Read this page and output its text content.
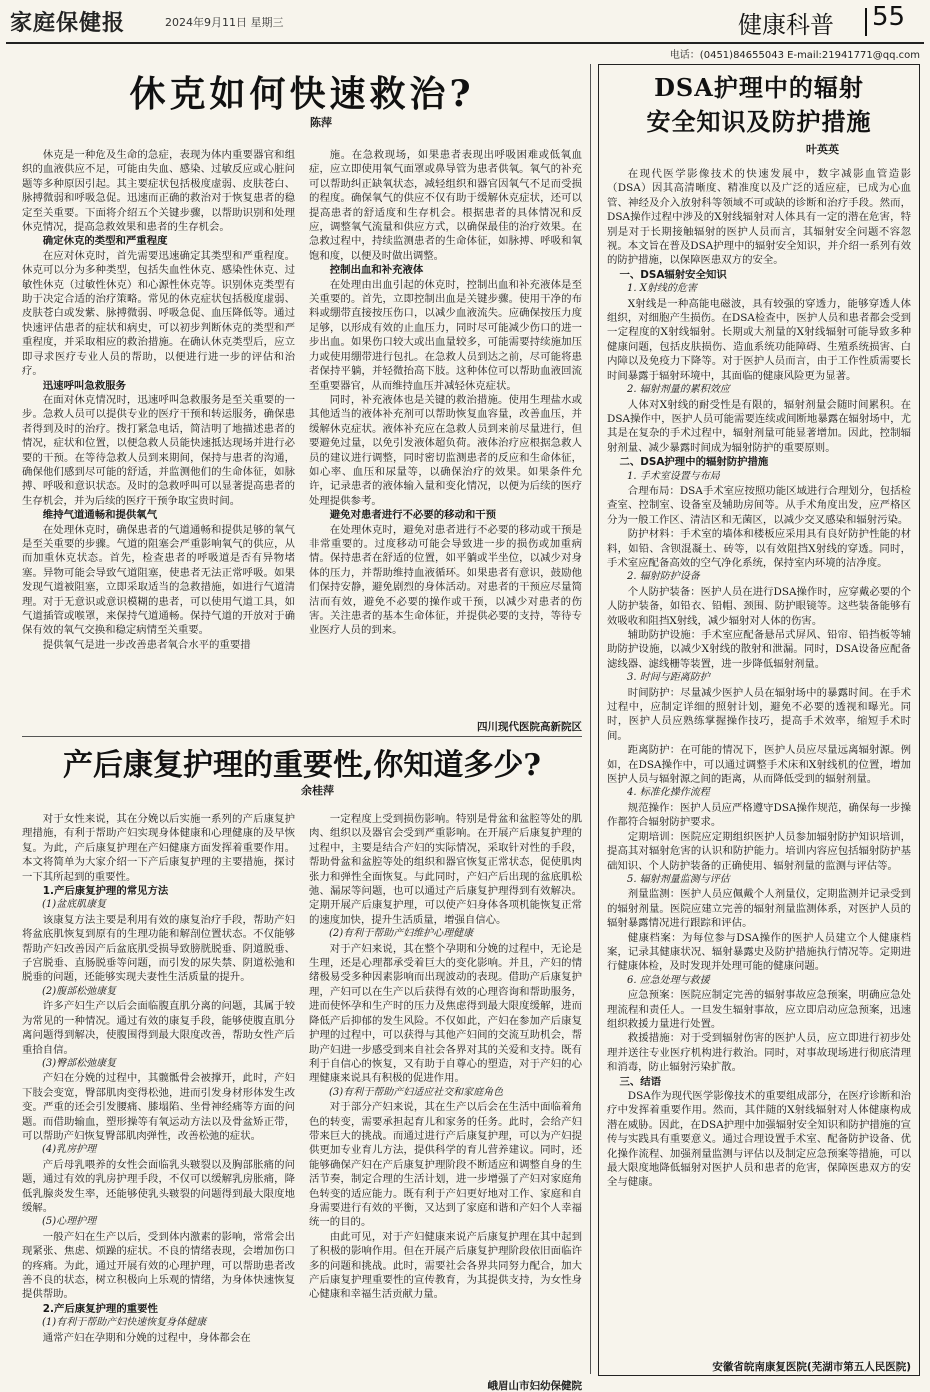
家庭保健报	2024年9月11日 星期三	健康科普 55
电话：(0451)84655043 E-mail:21941771@qq.com
休克如何快速救治?
陈萍

休克是一种危及生命的急症，表现为体内重要器官和组织的血液供应不足，可能由失血、感染、过敏反应或心脏问题等多种原因引起。其主要症状包括极度虚弱、皮肤苍白、脉搏微弱和呼吸急促。迅速而正确的救治对于恢复患者的稳定至关重要。下面将介绍五个关键步骤，以帮助识别和处理休克情况，提高急救效果和患者的生存机会。

确定休克的类型和严重程度

在应对休克时，首先需要迅速确定其类型和严重程度。休克可以分为多种类型，包括失血性休克、感染性休克、过敏性休克（过敏性休克）和心源性休克等。识别休克类型有助于决定合适的治疗策略。常见的休克症状包括极度虚弱、皮肤苍白或发紫、脉搏微弱、呼吸急促、血压降低等。通过快速评估患者的症状和病史，可以初步判断休克的类型和严重程度，并采取相应的救治措施。在确认休克类型后，应立即寻求医疗专业人员的帮助，以便进行进一步的评估和治疗。

迅速呼叫急救服务

在面对休克情况时，迅速呼叫急救服务是至关重要的一步。急救人员可以提供专业的医疗干预和转运服务，确保患者得到及时的治疗。拨打紧急电话，简洁明了地描述患者的情况，症状和位置，以便急救人员能快速抵达现场并进行必要的干预。在等待急救人员到来期间，保持与患者的沟通，确保他们感到尽可能的舒适，并监测他们的生命体征，如脉搏、呼吸和意识状态。及时的急救呼叫可以显著提高患者的生存机会，并为后续的医疗干预争取宝贵时间。

维持气道通畅和提供氧气

在处理休克时，确保患者的气道通畅和提供足够的氧气是至关重要的步骤。气道的阻塞会严重影响氧气的供应，从而加重休克状态。首先，检查患者的呼吸道是否有异物堵塞。异物可能会导致气道阻塞，使患者无法正常呼吸。如果发现气道被阻塞，立即采取适当的急救措施，如进行气道清理。对于无意识或意识模糊的患者，可以使用气道工具，如气道插管或喉罩，来保持气道通畅。保持气道的开放对于确保有效的氧气交换和稳定病情至关重要。

提供氧气是进一步改善患者氧合水平的重要措

施。在急救现场，如果患者表现出呼吸困难或低氧血症，应立即使用氧气面罩或鼻导管为患者供氧。氧气的补充可以帮助纠正缺氧状态，减轻组织和器官因氧气不足而受损的程度。确保氧气的供应不仅有助于缓解休克症状，还可以提高患者的舒适度和生存机会。根据患者的具体情况和反应，调整氧气流量和供应方式，以确保最佳的治疗效果。在急救过程中，持续监测患者的生命体征，如脉搏、呼吸和氧饱和度，以便及时做出调整。

控制出血和补充液体

在处理由出血引起的休克时，控制出血和补充液体是至关重要的。首先，立即控制出血是关键步骤。使用干净的布料或绷带直接按压伤口，以减少血液流失。应确保按压力度足够，以形成有效的止血压力，同时尽可能减少伤口的进一步出血。如果伤口较大或出血量较多，可能需要持续施加压力或使用绷带进行包扎。在急救人员到达之前，尽可能将患者保持平躺，并轻微抬高下肢。这种体位可以帮助血液回流至重要器官，从而维持血压并减轻休克症状。

同时，补充液体也是关键的救治措施。使用生理盐水或其他适当的液体补充剂可以帮助恢复血容量，改善血压，并缓解休克症状。液体补充应在急救人员到来前尽量进行，但要避免过量，以免引发液体超负荷。液体治疗应根据急救人员的建议进行调整，同时密切监测患者的反应和生命体征，如心率、血压和尿量等，以确保治疗的效果。如果条件允许，记录患者的液体输入量和变化情况，以便为后续的医疗处理提供参考。

避免对患者进行不必要的移动和干预

在处理休克时，避免对患者进行不必要的移动或干预是非常重要的。过度移动可能会导致进一步的损伤或加重病情。保持患者在舒适的位置，如平躺或半坐位，以减少对身体的压力，并帮助维持血液循环。如果患者有意识，鼓励他们保持安静，避免剧烈的身体活动。对患者的干预应尽量简洁而有效，避免不必要的操作或干预，以减少对患者的伤害。关注患者的基本生命体征，并提供必要的支持，等待专业医疗人员的到来。

四川现代医院高新院区
产后康复护理的重要性,你知道多少?
余桂萍

对于女性来说，其在分娩以后实施一系列的产后康复护理措施，有利于帮助产妇实现身体健康和心理健康的及早恢复。为此，产后康复护理在产妇健康方面发挥着重要作用。本文将简单为大家介绍一下产后康复护理的主要措施，探讨一下其所起到的重要性。

1.产后康复护理的常见方法
(1)盆底肌康复

该康复方法主要是利用有效的康复治疗手段，帮助产妇将盆底肌恢复到原有的生理功能和解剖位置状态。不仅能够帮助产妇改善因产后盆底肌受损导致膀胱脱垂、阴道脱垂、子宫脱垂、直肠脱垂等问题，而引发的尿失禁、阴道松弛和脱垂的问题，还能够实现夫妻性生活质量的提升。

(2)腹部松弛康复

许多产妇生产以后会面临腹直肌分离的问题，其属于较为常见的一种情况。通过有效的康复手段，能够使腹直肌分离问题得到解决，使腹围得到最大限度改善，帮助女性产后重拾自信。

(3)臀部松弛康复

产妇在分娩的过程中，其髋骶骨会被撑开，此时，产妇下肢会变宽，臀部肌肉变得松弛，进而引发身材形体发生改变。严重的还会引发腰痛、膝塌陷、坐骨神经痛等方面的问题。而借助输血，塑形操等有氧运动方法以及骨盆矫正带，可以帮助产妇恢复臀部肌肉弹性，改善松弛的症状。

(4)乳房护理

产后母乳喂养的女性会面临乳头皲裂以及胸部胀痛的问题，通过有效的乳房护理手段，不仅可以缓解乳房胀痛，降低乳腺炎发生率，还能够使乳头皲裂的问题得到最大限度地缓解。

(5)心理护理

一般产妇在生产以后，受到体内激素的影响，常常会出现紧张、焦虑、烦躁的症状。不良的情绪表现，会增加伤口的疼痛。为此，通过开展有效的心理护理，可以帮助患者改善不良的状态，树立积极向上乐观的情绪，为身体快速恢复提供帮助。

2.产后康复护理的重要性
(1)有利于帮助产妇快速恢复身体健康

通常产妇在孕期和分娩的过程中，身体都会在

一定程度上受到损伤影响。特别是骨盆和盆腔等处的肌肉、组织以及器官会受到严重影响。在开展产后康复护理的过程中，主要是结合产妇的实际情况，采取针对性的手段，帮助骨盆和盆腔等处的组织和器官恢复正常状态，促使肌肉张力和弹性全面恢复。与此同时，产妇产后出现的盆底肌松弛、漏尿等问题，也可以通过产后康复护理得到有效解决。定期开展产后康复护理，可以使产妇身体各项机能恢复正常的速度加快，提升生活质量，增强自信心。

(2)有利于帮助产妇维护心理健康

对于产妇来说，其在整个孕期和分娩的过程中，无论是生理，还是心理都承受着巨大的变化影响。并且，产妇的情绪极易受多种因素影响而出现波动的表现。借助产后康复护理，产妇可以在生产以后获得有效的心理咨询和帮助服务，进而使怀孕和生产时的压力及焦虑得到最大限度缓解，进而降低产后抑郁的发生风险。不仅如此，产妇在参加产后康复护理的过程中，可以获得与其他产妇间的交流互助机会，帮助产妇进一步感受到来自社会各界对其的关爱和支持。既有利于自信心的恢复，又有助于自尊心的塑造，对于产妇的心理健康来说具有积极的促进作用。

(3)有利于帮助产妇适应社交和家庭角色

对于部分产妇来说，其在生产以后会在生活中面临着角色的转变，需要承担起育儿和家务的任务。此时，会给产妇带来巨大的挑战。而通过进行产后康复护理，可以为产妇提供更加专业育儿方法，提供科学的育儿营养建议。同时，还能够确保产妇在产后康复护理阶段不断适应和调整自身的生活节奏，制定合理的生活计划，进一步增强了产妇对家庭角色转变的适应能力。既有利于产妇更好地对工作、家庭和自身需要进行有效的平衡，又达到了家庭和谐和产妇个人幸福统一的目的。

由此可见，对于产妇健康来说产后康复护理在其中起到了积极的影响作用。但在开展产后康复护理阶段依旧面临许多的问题和挑战。此时，需要社会各界共同努力配合，加大产后康复护理重要性的宣传教育，为其提供支持，为女性身心健康和幸福生活贡献力量。

峨眉山市妇幼保健院
DSA护理中的辐射
安全知识及防护措施
叶英英

在现代医学影像技术的快速发展中，数字减影血管造影（DSA）因其高清晰度、精准度以及广泛的适应症，已成为心血管、神经及介入放射科等领域不可或缺的诊断和治疗手段。然而，DSA操作过程中涉及的X射线辐射对人体具有一定的潜在危害，特别是对于长期接触辐射的医护人员而言，其辐射安全问题不容忽视。本文旨在普及DSA护理中的辐射安全知识，并介绍一系列有效的防护措施，以保障医患双方的安全。

一、DSA辐射安全知识
1. X射线的危害

X射线是一种高能电磁波，具有较强的穿透力，能够穿透人体组织，对细胞产生损伤。在DSA检查中，医护人员和患者都会受到一定程度的X射线辐射。长期或大剂量的X射线辐射可能导致多种健康问题，包括皮肤损伤、造血系统功能障碍、生殖系统损害、白内障以及免疫力下降等。对于医护人员而言，由于工作性质需要长时间暴露于辐射环境中，其面临的健康风险更为显著。

2. 辐射剂量的累积效应

人体对X射线的耐受性是有限的，辐射剂量会随时间累积。在DSA操作中，医护人员可能需要连续或间断地暴露在辐射场中，尤其是在复杂的手术过程中，辐射剂量可能显著增加。因此，控制辐射剂量、减少暴露时间成为辐射防护的重要原则。

二、DSA护理中的辐射防护措施
1. 手术室设置与布局

合理布局：DSA手术室应按照功能区域进行合理划分，包括检查室、控制室、设备室及辅助房间等。从手术角度出发，应严格区分为一般工作区、清洁区和无菌区，以减少交叉感染和辐射污染。

防护材料：手术室的墙体和楼板应采用具有良好防护性能的材料，如铅、含钡混凝土、砖等，以有效阻挡X射线的穿透。同时，手术室应配备高效的空气净化系统，保持室内环境的洁净度。

2. 辐射防护设备

个人防护装备：医护人员在进行DSA操作时，应穿戴必要的个人防护装备，如铅衣、铅帽、颈围、防护眼镜等。这些装备能够有效吸收和阻挡X射线，减少辐射对人体的伤害。

辅助防护设施：手术室应配备悬吊式屏风、铅帘、铅挡板等辅助防护设施，以减少X射线的散射和泄漏。同时，DSA设备应配备滤线器、滤线栅等装置，进一步降低辐射剂量。

3. 时间与距离防护

时间防护：尽量减少医护人员在辐射场中的暴露时间。在手术过程中，应制定详细的照射计划，避免不必要的透视和曝光。同时，医护人员应熟练掌握操作技巧，提高手术效率，缩短手术时间。

距离防护：在可能的情况下，医护人员应尽量远离辐射源。例如，在DSA操作中，可以通过调整手术床和X射线机的位置，增加医护人员与辐射源之间的距离，从而降低受到的辐射剂量。

4. 标准化操作流程

规范操作：医护人员应严格遵守DSA操作规范，确保每一步操作都符合辐射防护要求。

定期培训：医院应定期组织医护人员参加辐射防护知识培训，提高其对辐射危害的认识和防护能力。培训内容应包括辐射防护基础知识、个人防护装备的正确使用、辐射剂量的监测与评估等。

5. 辐射剂量监测与评估

剂量监测：医护人员应佩戴个人剂量仪，定期监测并记录受到的辐射剂量。医院应建立完善的辐射剂量监测体系，对医护人员的辐射暴露情况进行跟踪和评估。

健康档案：为每位参与DSA操作的医护人员建立个人健康档案，记录其健康状况、辐射暴露史及防护措施执行情况等。定期进行健康体检，及时发现并处理可能的健康问题。

6. 应急处理与救援

应急预案：医院应制定完善的辐射事故应急预案，明确应急处理流程和责任人。一旦发生辐射事故，应立即启动应急预案，迅速组织救援力量进行处置。

救援措施：对于受到辐射伤害的医护人员，应立即进行初步处理并送往专业医疗机构进行救治。同时，对事故现场进行彻底清理和消毒，防止辐射污染扩散。

三、结语

DSA作为现代医学影像技术的重要组成部分，在医疗诊断和治疗中发挥着重要作用。然而，其伴随的X射线辐射对人体健康构成潜在威胁。因此，在DSA护理中加强辐射安全知识和防护措施的宣传与实践具有重要意义。通过合理设置手术室、配备防护设备、优化操作流程、加强剂量监测与评估以及制定应急预案等措施，可以最大限度地降低辐射对医护人员和患者的危害，保障医患双方的安全与健康。

安徽省皖南康复医院(芜湖市第五人民医院)
